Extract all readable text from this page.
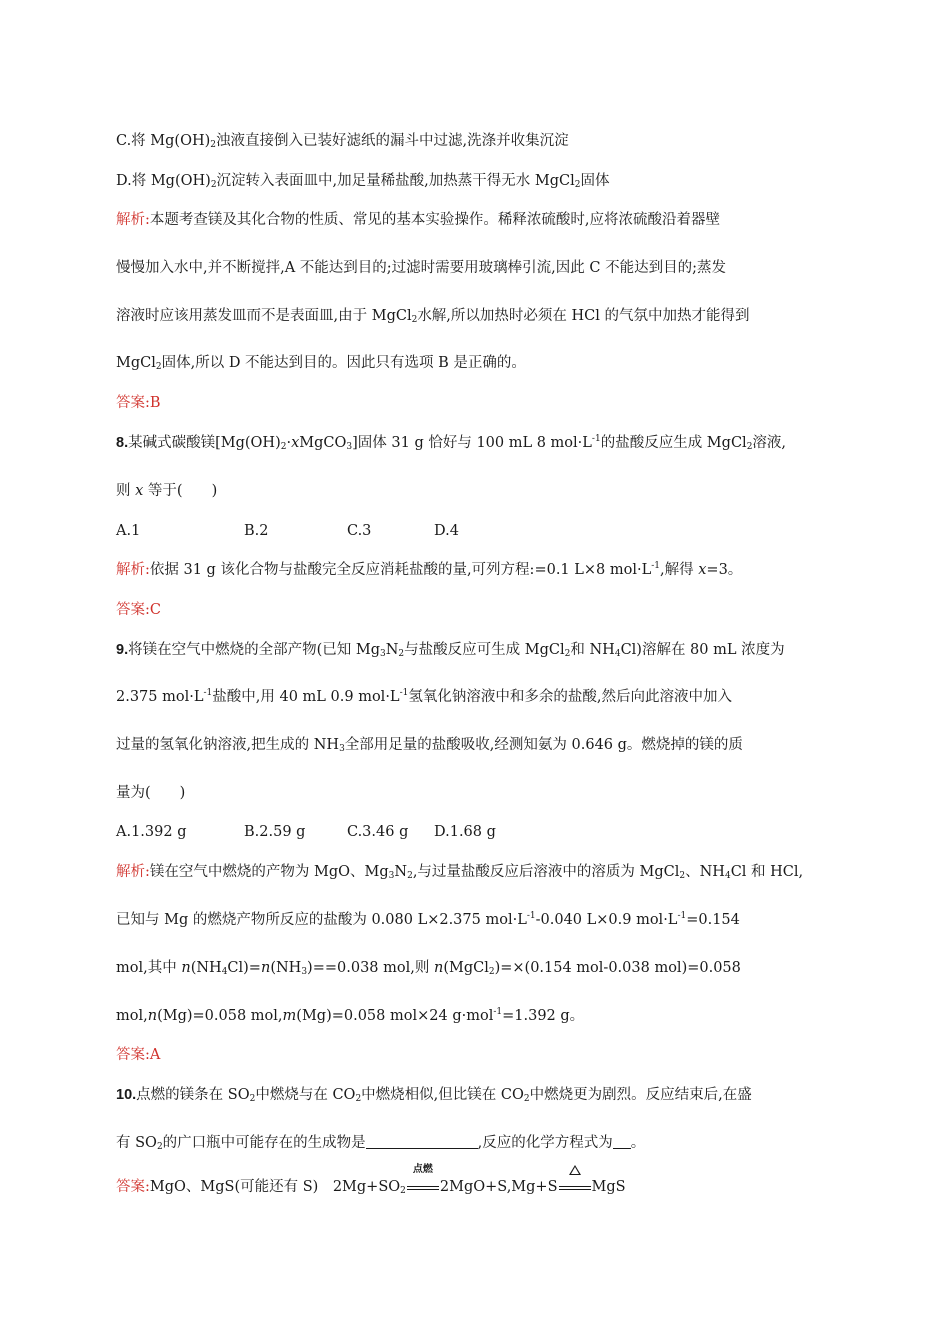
C.将 $Mg(OH)_2$浊液直接倒入已装好滤纸的漏斗中过滤,洗涤并收集沉淀
D.将 $Mg(OH)_2$沉淀转入表面皿中,加足量稀盐酸,加热蒸干得无水 MgCl$_2$固体
解析:本题考查镁及其化合物的性质、常见的基本实验操作。稀释浓硫酸时,应将浓硫酸沿着器壁
慢慢加入水中,并不断搅拌,A 不能达到目的;过滤时需要用玻璃棒引流,因此 C 不能达到目的;蒸发
溶液时应该用蒸发皿而不是表面皿,由于 MgCl$_2$水解,所以加热时必须在 HCl 的气氛中加热才能得到
MgCl$_2$固体,所以 D 不能达到目的。因此只有选项 B 是正确的。
答案:B
8.某碱式碳酸镁$[Mg(OH)_2\cdot xMgCO_3]$固体 31 g 恰好与 100 mL 8 $mol\cdot L^{-1}$的盐酸反应生成 MgCl$_2$溶液,
则 x 等于(　　)
A.1	B.2	C.3	D.4
解析:依据 31 g 该化合物与盐酸完全反应消耗盐酸的量,可列方程:=0.1 L×8 $mol\cdot L^{-1}$,解得 x=3。
答案:C
9.将镁在空气中燃烧的全部产物(已知 $Mg_3N_2$与盐酸反应可生成 MgCl$_2$和 $NH_4Cl$)溶解在 80 mL 浓度为
2.375 $mol\cdot L^{-1}$盐酸中,用 40 mL 0.9 $mol\cdot L^{-1}$氢氧化钠溶液中和多余的盐酸,然后向此溶液中加入
过量的氢氧化钠溶液,把生成的 $NH_3$全部用足量的盐酸吸收,经测知氨为 0.646 g。燃烧掉的镁的质
量为(　　)
A.1.392 g	B.2.59 g	C.3.46 g D.1.68 g
解析:镁在空气中燃烧的产物为 MgO、$Mg_3N_2$,与过量盐酸反应后溶液中的溶质为 MgCl$_2$、$NH_4Cl$ 和 HCl,
已知与 Mg 的燃烧产物所反应的盐酸为 0.080 L×2.375 $mol\cdot L^{-1}-0.040$ L×0.9 $mol\cdot L^{-1}=0.154$
mol,其中 $n(NH_4Cl)=n(NH_3)==0.038$ mol,则 n(MgCl$_2$)=×(0.154 mol-0.038 mol)=0.058
mol,n(Mg)=0.058 mol,m(Mg)=0.058 mol×24 g·mol$^{-1}$=1.392 g。
答案:A
10.点燃的镁条在 $SO_2$中燃烧与在 $CO_2$中燃烧相似,但比镁在 $CO_2$中燃烧更为剧烈。反应结束后,在盛
有 $SO_2$的广口瓶中可能存在的生成物是	,反应的化学方程式为 。
答案:MgO、MgS(可能还有 S)　$2Mg+SO_2$
点燃
2MgO+S,Mg+S MgS
